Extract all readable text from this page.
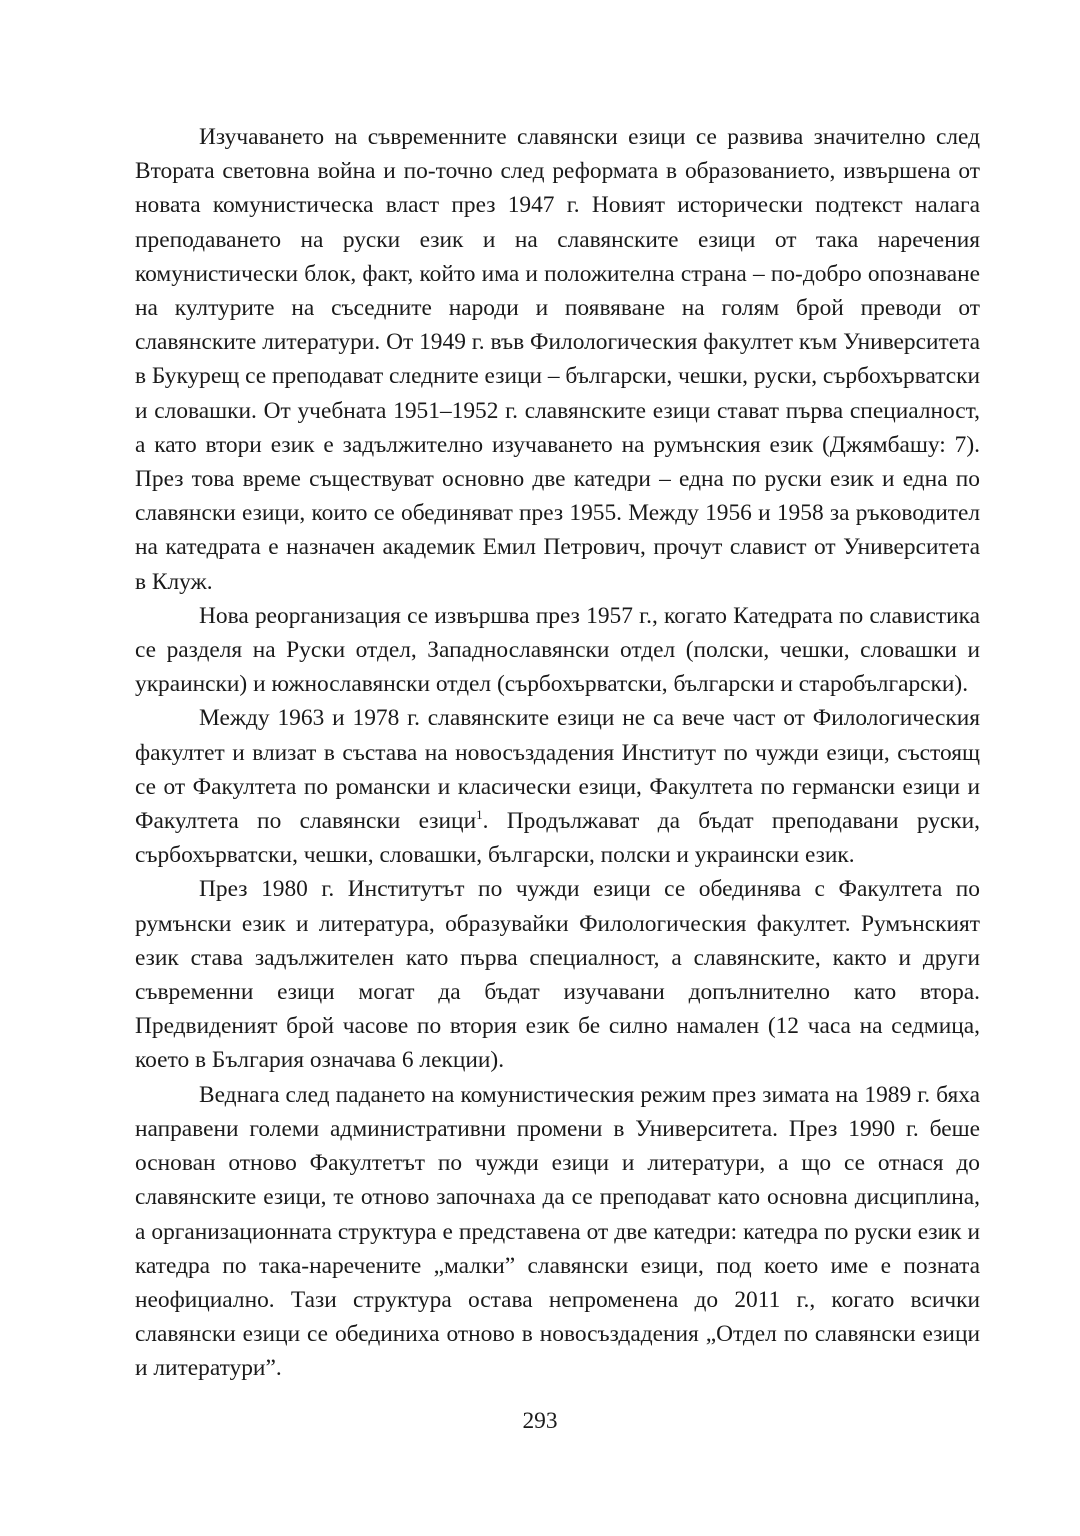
Изучаването на съвременните славянски езици се развива значително след Втората световна война и по-точно след реформата в образованието, извършена от новата комунистическа власт през 1947 г. Новият исторически подтекст налага преподаването на руски език и на славянските езици от така наречения комунистически блок, факт, който има и положителна страна – по-добро опознаване на културите на съседните народи и появяване на голям брой преводи от славянските литератури. От 1949 г. във Филологическия факултет към Университета в Букурещ се преподават следните езици – български, чешки, руски, сърбохърватски и словашки. От учебната 1951–1952 г. славянските езици стават първа специалност, а като втори език е задължително изучаването на румънския език (Джямбашу: 7). През това време съществуват основно две катедри – една по руски език и една по славянски езици, които се обединяват през 1955. Между 1956 и 1958 за ръководител на катедрата е назначен академик Емил Петрович, прочут славист от Университета в Клуж.

Нова реорганизация се извършва през 1957 г., когато Катедрата по славистика се разделя на Руски отдел, Западнославянски отдел (полски, чешки, словашки и украински) и южнославянски отдел (сърбохърватски, български и старобългарски).

Между 1963 и 1978 г. славянските езици не са вече част от Филологическия факултет и влизат в състава на новосъздадения Институт по чужди езици, състоящ се от Факултета по романски и класически езици, Факултета по германски езици и Факултета по славянски езици$^1$. Продължават да бъдат преподавани руски, сърбохърватски, чешки, словашки, български, полски и украински език.

През 1980 г. Институтът по чужди езици се обединява с Факултета по румънски език и литература, образувайки Филологическия факултет. Румънският език става задължителен като първа специалност, а славянските, както и други съвременни езици могат да бъдат изучавани допълнително като втора. Предвиденият брой часове по втория език бе силно намален (12 часа на седмица, което в България означава 6 лекции).

Веднага след падането на комунистическия режим през зимата на 1989 г. бяха направени големи административни промени в Университета. През 1990 г. беше основан отново Факултетът по чужди езици и литератури, а що се отнася до славянските езици, те отново започнаха да се преподават като основна дисциплина, а организационната структура е представена от две катедри: катедра по руски език и катедра по така-наречените „малки” славянски езици, под което име е позната неофициално. Тази структура остава непроменена до 2011 г., когато всички славянски езици се обединиха отново в новосъздадения „Отдел по славянски езици и литератури”.

293
